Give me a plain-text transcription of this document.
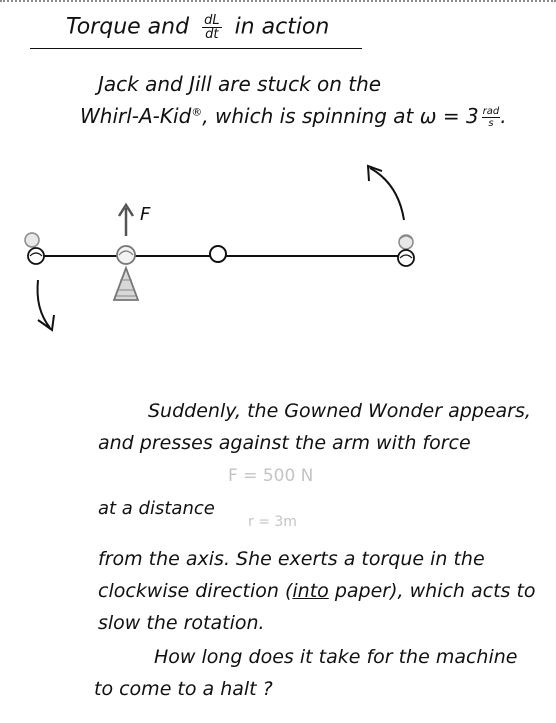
Torque and $\frac{dL}{dt}$ in action
Jack and Jill are stuck on the
Whirl-A-Kid®, which is spinning at $\omega = 3 \frac{\text{rad}}{s}$ .
F
Suddenly, the Gowned Wonder appears,
and presses against the arm with force
F = 500 N
at a distance
r = 3m
from the axis. She exerts a torque in the
clockwise direction (into paper), which acts to
slow the rotation.
How long does it take for the machine
to come to a halt ?
